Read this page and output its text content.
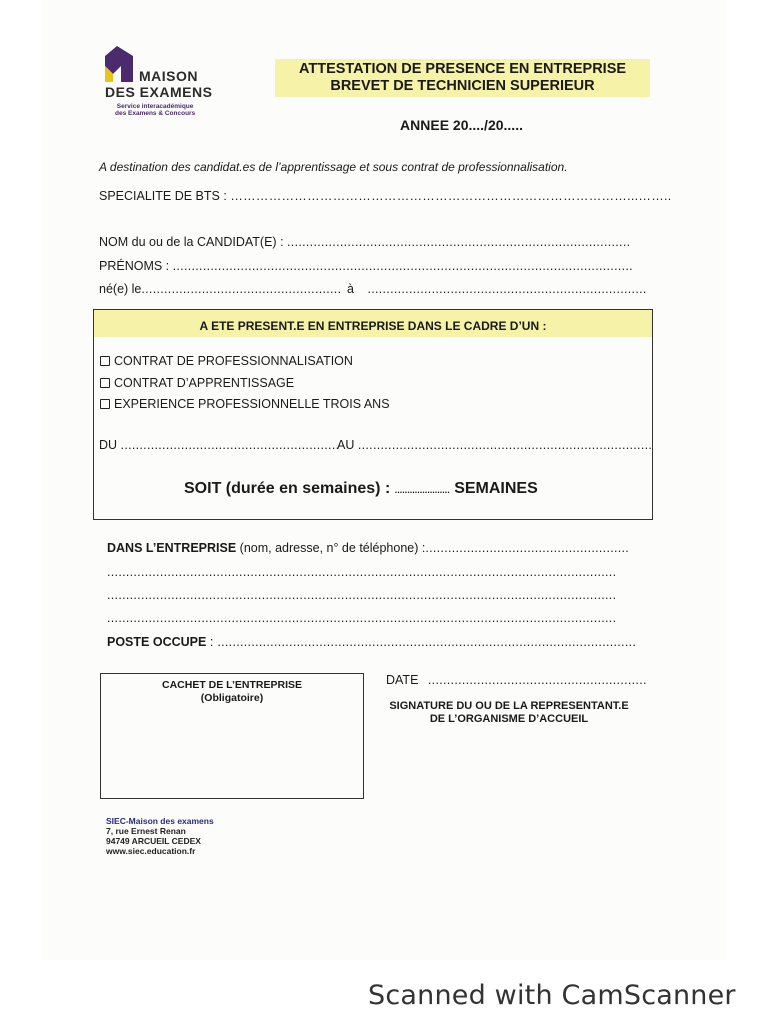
MAISON
DES EXAMENS
Service interacadémique
des Examens & Concours
ATTESTATION DE PRESENCE EN ENTREPRISE
BREVET DE TECHNICIEN SUPERIEUR
ANNEE 20..../20.....
A destination des candidat.es de l’apprentissage et sous contrat de professionnalisation.
SPECIALITE DE BTS : …………………………………………………………………………………...……..
NOM du ou de la CANDIDAT(E) : ...........................................................................................
PRÉNOMS : ..........................................................................................................................
né(e) le..................................................... à ..........................................................................
A ETE PRESENT.E EN ENTREPRISE DANS LE CADRE D’UN :
CONTRAT DE PROFESSIONNALISATION
CONTRAT D’APPRENTISSAGE
EXPERIENCE PROFESSIONNELLE TROIS ANS
DU ..........................................................
AU ..............................................................................
SOIT (durée en semaines) : ...................... SEMAINES
DANS L’ENTREPRISE (nom, adresse, n° de téléphone) :......................................................
.......................................................................................................................................
.......................................................................................................................................
.......................................................................................................................................
POSTE OCCUPE : ...............................................................................................................
CACHET DE L’ENTREPRISE
(Obligatoire)
DATE ..........................................................
SIGNATURE DU OU DE LA REPRESENTANT.E
DE L’ORGANISME D’ACCUEIL
SIEC-Maison des examens
7, rue Ernest Renan
94749 ARCUEIL CEDEX
www.siec.education.fr
Scanned with CamScanner
